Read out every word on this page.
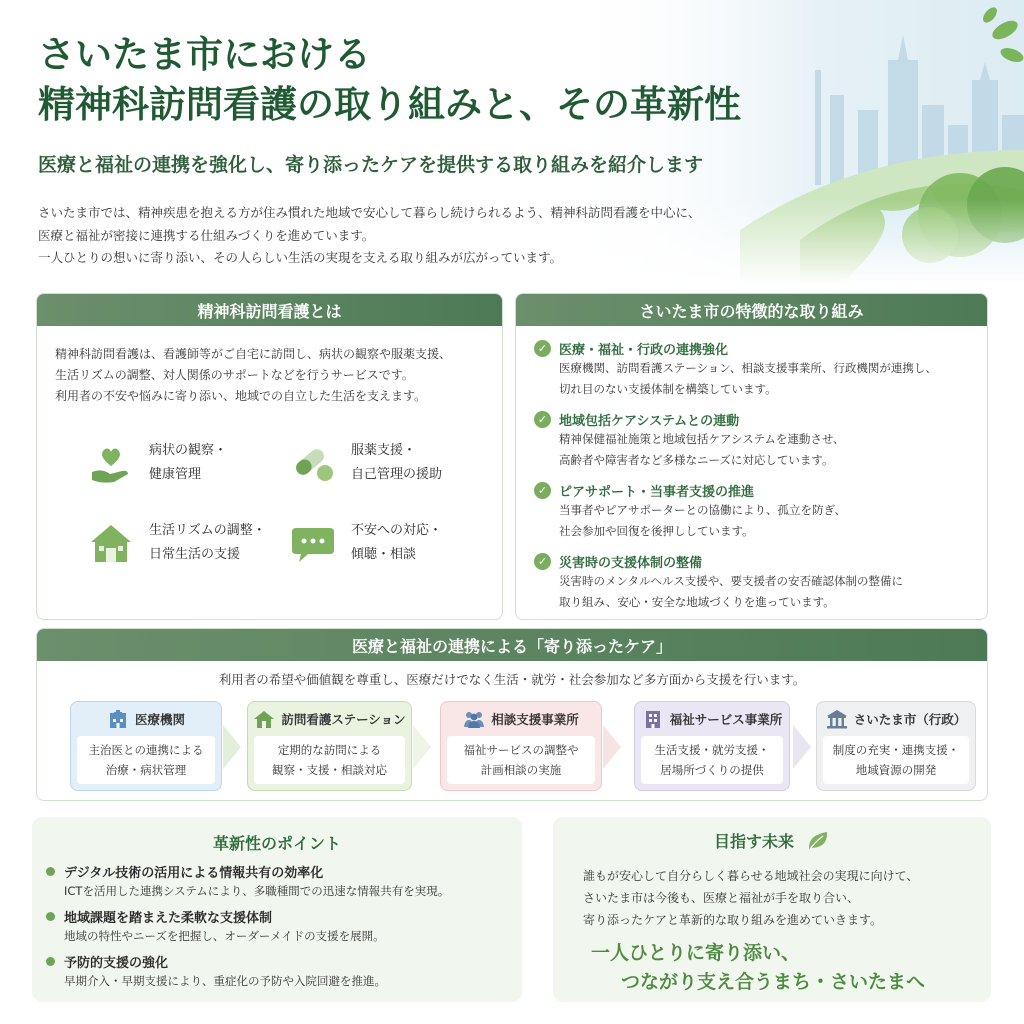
さいたま市における
精神科訪問看護の取り組みと、その革新性
医療と福祉の連携を強化し、寄り添ったケアを提供する取り組みを紹介します
さいたま市では、精神疾患を抱える方が住み慣れた地域で安心して暮らし続けられるよう、精神科訪問看護を中心に、
医療と福祉が密接に連携する仕組みづくりを進めています。
一人ひとりの想いに寄り添い、その人らしい生活の実現を支える取り組みが広がっています。
精神科訪問看護とは
精神科訪問看護は、看護師等がご自宅に訪問し、病状の観察や服薬支援、
生活リズムの調整、対人関係のサポートなどを行うサービスです。
利用者の不安や悩みに寄り添い、地域での自立した生活を支えます。
病状の観察・
健康管理
服薬支援・
自己管理の援助
生活リズムの調整・
日常生活の支援
不安への対応・
傾聴・相談
さいたま市の特徴的な取り組み
✓ 医療・福祉・行政の連携強化
医療機関、訪問看護ステーション、相談支援事業所、行政機関が連携し、
切れ目のない支援体制を構築しています。
✓ 地域包括ケアシステムとの連動
精神保健福祉施策と地域包括ケアシステムを連動させ、
高齢者や障害者など多様なニーズに対応しています。
✓ ピアサポート・当事者支援の推進
当事者やピアサポーターとの協働により、孤立を防ぎ、
社会参加や回復を後押ししています。
✓ 災害時の支援体制の整備
災害時のメンタルヘルス支援や、要支援者の安否確認体制の整備に
取り組み、安心・安全な地域づくりを進っています。
医療と福祉の連携による「寄り添ったケア」
利用者の希望や価値観を尊重し、医療だけでなく生活・就労・社会参加など多方面から支援を行います。
医療機関
主治医との連携による
治療・病状管理
訪問看護ステーション
定期的な訪問による
観察・支援・相談対応
相談支援事業所
福祉サービスの調整や
計画相談の実施
福祉サービス事業所
生活支援・就労支援・
居場所づくりの提供
さいたま市（行政）
制度の充実・連携支援・
地域資源の開発
革新性のポイント
デジタル技術の活用による情報共有の効率化
ICTを活用した連携システムにより、多職種間での迅速な情報共有を実現。
地域課題を踏まえた柔軟な支援体制
地域の特性やニーズを把握し、オーダーメイドの支援を展開。
予防的支援の強化
早期介入・早期支援により、重症化の予防や入院回避を推進。
目指す未来
誰もが安心して自分らしく暮らせる地域社会の実現に向けて、
さいたま市は今後も、医療と福祉が手を取り合い、
寄り添ったケアと革新的な取り組みを進めていきます。
一人ひとりに寄り添い、
つながり支え合うまち・さいたまへ
